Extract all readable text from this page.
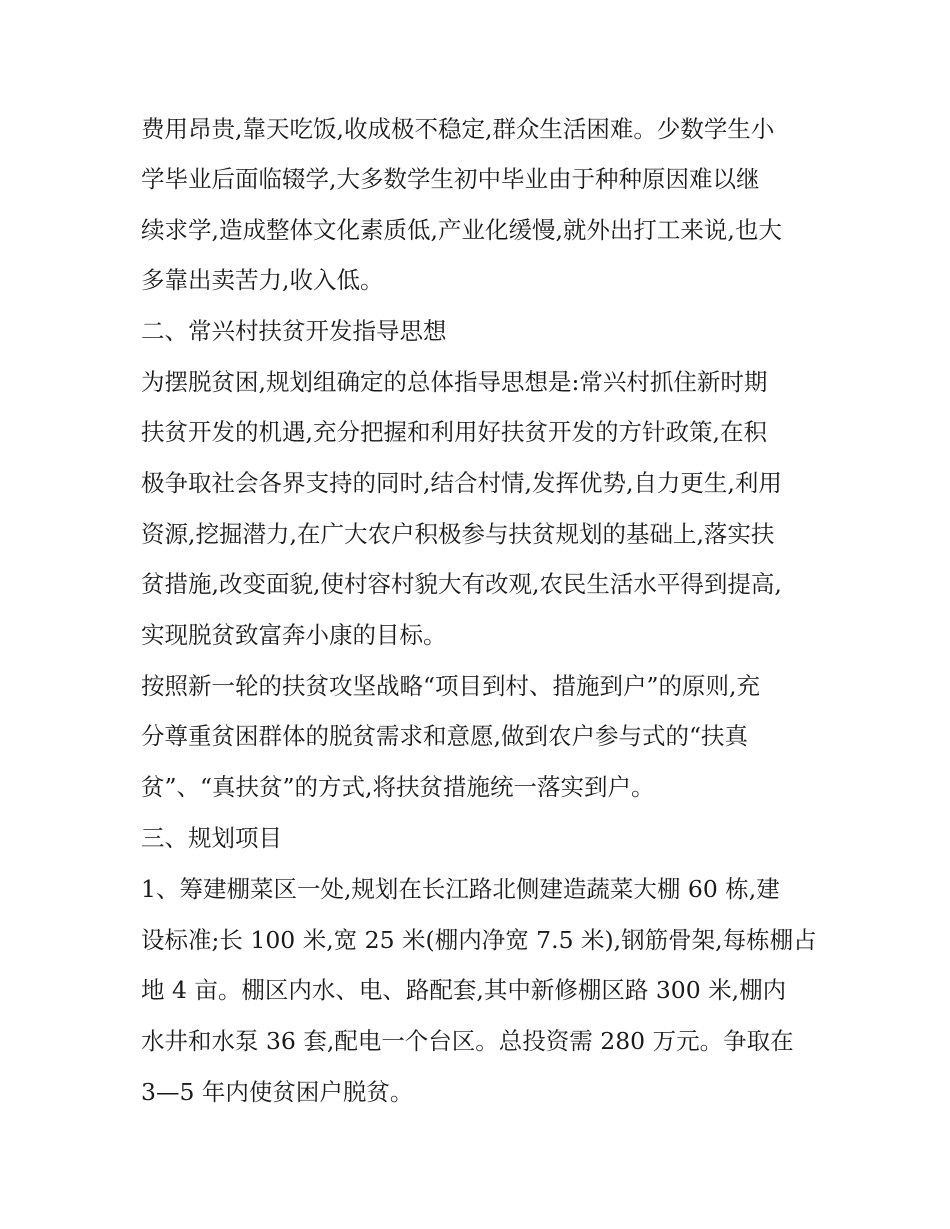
费用昂贵,靠天吃饭,收成极不稳定,群众生活困难。少数学生小
学毕业后面临辍学,大多数学生初中毕业由于种种原因难以继
续求学,造成整体文化素质低,产业化缓慢,就外出打工来说,也大
多靠出卖苦力,收入低。
二、常兴村扶贫开发指导思想
为摆脱贫困,规划组确定的总体指导思想是:常兴村抓住新时期
扶贫开发的机遇,充分把握和利用好扶贫开发的方针政策,在积
极争取社会各界支持的同时,结合村情,发挥优势,自力更生,利用
资源,挖掘潜力,在广大农户积极参与扶贫规划的基础上,落实扶
贫措施,改变面貌,使村容村貌大有改观,农民生活水平得到提高,
实现脱贫致富奔小康的目标。
按照新一轮的扶贫攻坚战略“项目到村、措施到户”的原则,充
分尊重贫困群体的脱贫需求和意愿,做到农户参与式的“扶真
贫”、“真扶贫”的方式,将扶贫措施统一落实到户。
三、规划项目
1、筹建棚菜区一处,规划在长江路北侧建造蔬菜大棚 60 栋,建
设标准;长 100 米,宽 25 米(棚内净宽 7.5 米),钢筋骨架,每栋棚占
地 4 亩。棚区内水、电、路配套,其中新修棚区路 300 米,棚内
水井和水泵 36 套,配电一个台区。总投资需 280 万元。争取在
3—5 年内使贫困户脱贫。
